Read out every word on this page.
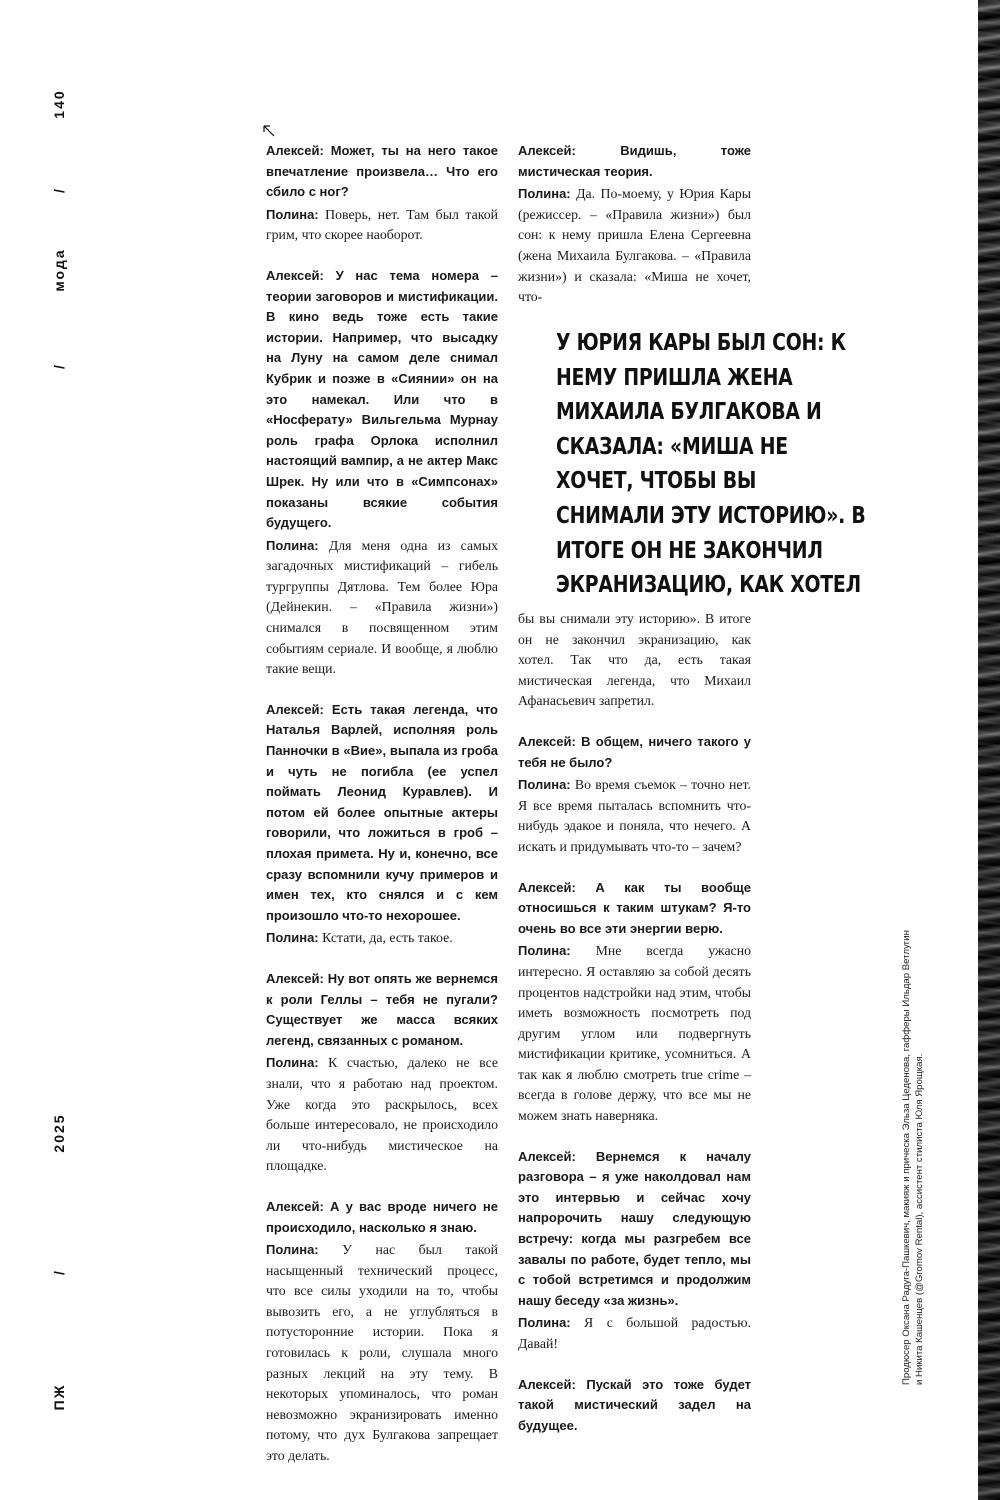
140
/
мода
/
2025
/
ПЖ

Алексей: Может, ты на него такое впечатление произвела… Что его сбило с ног?

Полина: Поверь, нет. Там был такой грим, что скорее наоборот.

Алексей: У нас тема номера – теории заговоров и мистификации. В кино ведь тоже есть такие истории. Например, что высадку на Луну на самом деле снимал Кубрик и позже в «Сиянии» он на это намекал. Или что в «Носферату» Вильгельма Мурнау роль графа Орлока исполнил настоящий вампир, а не актер Макс Шрек. Ну или что в «Симпсонах» показаны всякие события будущего.

Полина: Для меня одна из самых загадочных мистификаций – гибель тургруппы Дятлова. Тем более Юра (Дейнекин. – «Правила жизни») снимался в посвященном этим событиям сериале. И вообще, я люблю такие вещи.

Алексей: Есть такая легенда, что Наталья Варлей, исполняя роль Панночки в «Вие», выпала из гроба и чуть не погибла (ее успел поймать Леонид Куравлев). И потом ей более опытные актеры говорили, что ложиться в гроб – плохая примета. Ну и, конечно, все сразу вспомнили кучу примеров и имен тех, кто снялся и с кем произошло что-то нехорошее.

Полина: Кстати, да, есть такое.

Алексей: Ну вот опять же вернемся к роли Геллы – тебя не пугали? Существует же масса всяких легенд, связанных с романом.

Полина: К счастью, далеко не все знали, что я работаю над проектом. Уже когда это раскрылось, всех больше интересовало, не происходило ли что-нибудь мистическое на площадке.

Алексей: А у вас вроде ничего не происходило, насколько я знаю.

Полина: У нас был такой насыщенный технический процесс, что все силы уходили на то, чтобы вывозить его, а не углубляться в потусторонние истории. Пока я готовилась к роли, слушала много разных лекций на эту тему. В некоторых упоминалось, что роман невозможно экранизировать именно потому, что дух Булгакова запрещает это делать.

Алексей: Видишь, тоже мистическая теория.

Полина: Да. По-моему, у Юрия Кары (режиссер. – «Правила жизни») был сон: к нему пришла Елена Сергеевна (жена Михаила Булгакова. – «Правила жизни») и сказала: «Миша не хочет, что-

У ЮРИЯ КАРЫ БЫЛ СОН: К НЕМУ ПРИШЛА ЖЕНА МИХАИЛА БУЛГАКОВА И СКАЗАЛА: «МИША НЕ ХОЧЕТ, ЧТОБЫ ВЫ СНИМАЛИ ЭТУ ИСТОРИЮ». В ИТОГЕ ОН НЕ ЗАКОНЧИЛ ЭКРАНИЗАЦИЮ, КАК ХОТЕЛ

бы вы снимали эту историю». В итоге он не закончил экранизацию, как хотел. Так что да, есть такая мистическая легенда, что Михаил Афанасьевич запретил.

Алексей: В общем, ничего такого у тебя не было?

Полина: Во время съемок – точно нет. Я все время пыталась вспомнить что-нибудь эдакое и поняла, что нечего. А искать и придумывать что-то – зачем?

Алексей: А как ты вообще относишься к таким штукам? Я-то очень во все эти энергии верю.

Полина: Мне всегда ужасно интересно. Я оставляю за собой десять процентов надстройки над этим, чтобы иметь возможность посмотреть под другим углом или подвергнуть мистификации критике, усомниться. А так как я люблю смотреть true crime – всегда в голове держу, что все мы не можем знать наверняка.

Алексей: Вернемся к началу разговора – я уже наколдовал нам это интервью и сейчас хочу напророчить нашу следующую встречу: когда мы разгребем все завалы по работе, будет тепло, мы с тобой встретимся и продолжим нашу беседу «за жизнь».

Полина: Я с большой радостью. Давай!

Алексей: Пускай это тоже будет такой мистический задел на будущее.

Продюсер Оксана Радуга-Пашкевич, макияж и прическа Эльза Цеденова, гафферы Ильдар Ветлугин и Никита Кашенцев (@Gromov Rental), ассистент стилиста Юля Ярощкая.
